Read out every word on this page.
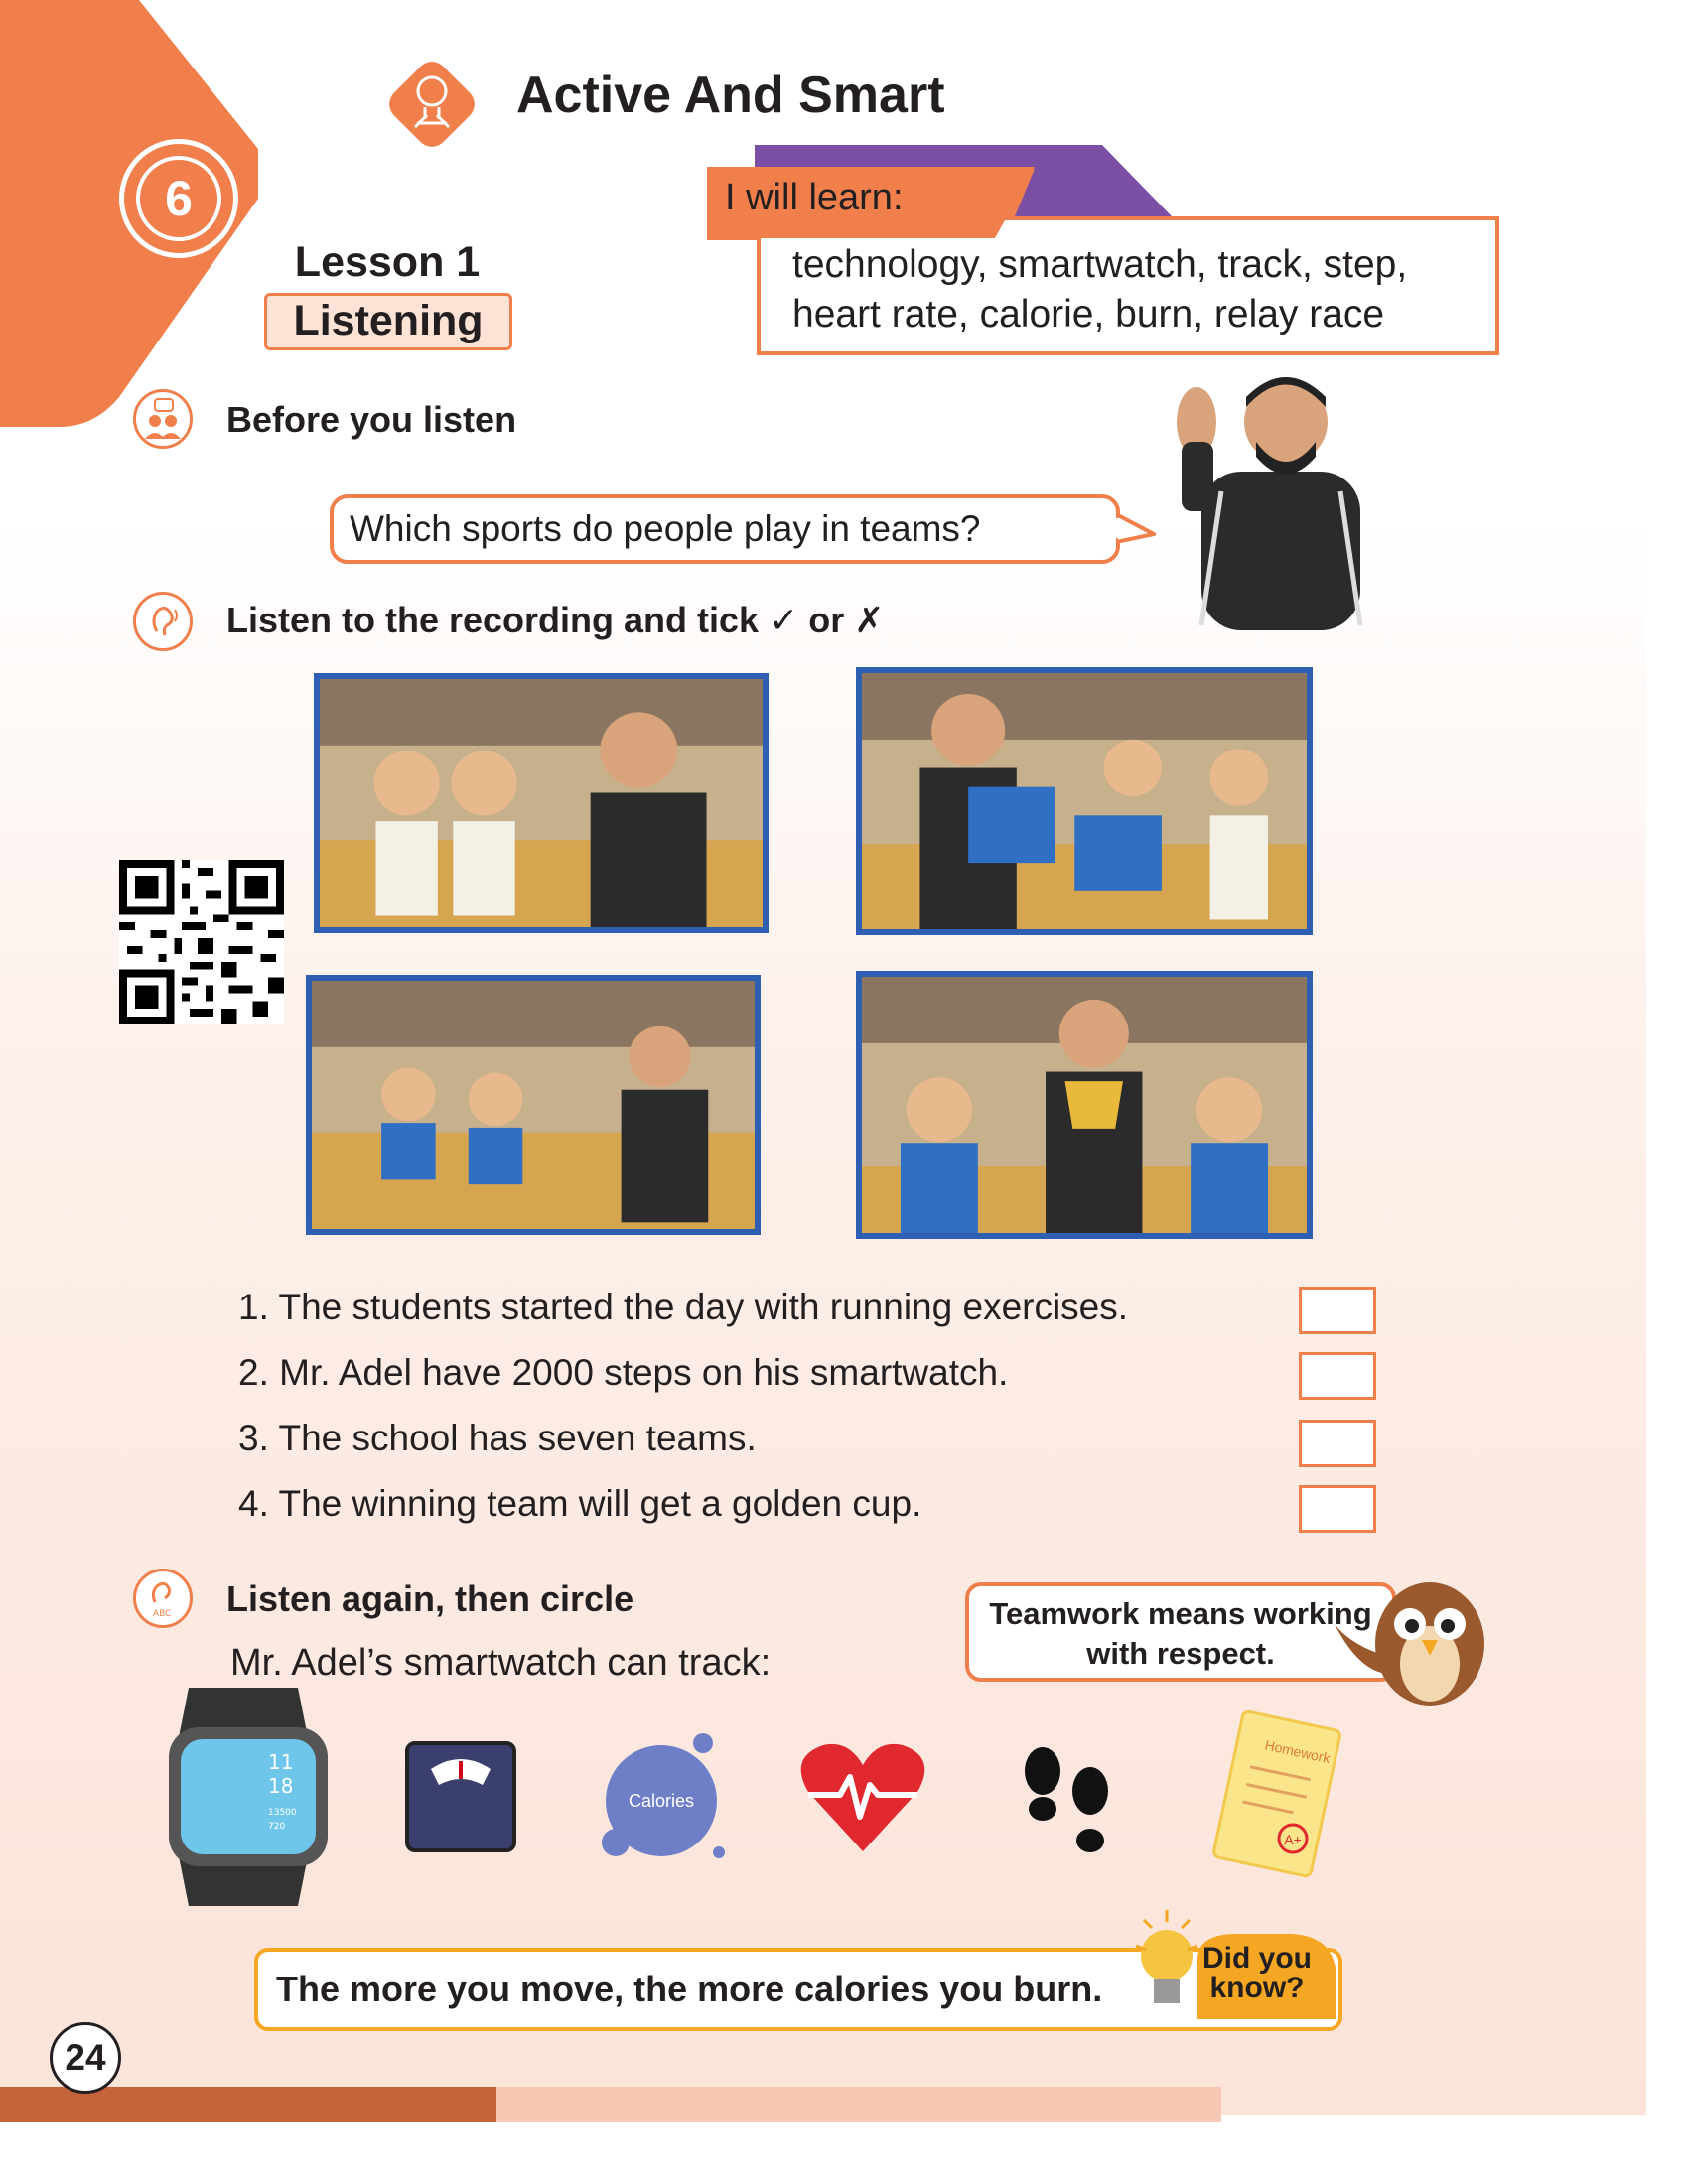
6
Active And Smart
Lesson 1
Listening
I will learn:
technology, smartwatch, track, step,
heart rate, calorie, burn, relay race
Before you listen
Which sports do people play in teams?
Listen to the recording and tick ✓ or ✗
1. The students started the day with running exercises.
2. Mr. Adel have 2000 steps on his smartwatch.
3. The school has seven teams.
4. The winning team will get a golden cup.
ABC Listen again, then circle
Mr. Adel’s smartwatch can track:
Teamwork means working
with respect.
11
18
13500
720
Calories
Homework
A+
The more you move, the more calories you burn.
Did you
know?
24
